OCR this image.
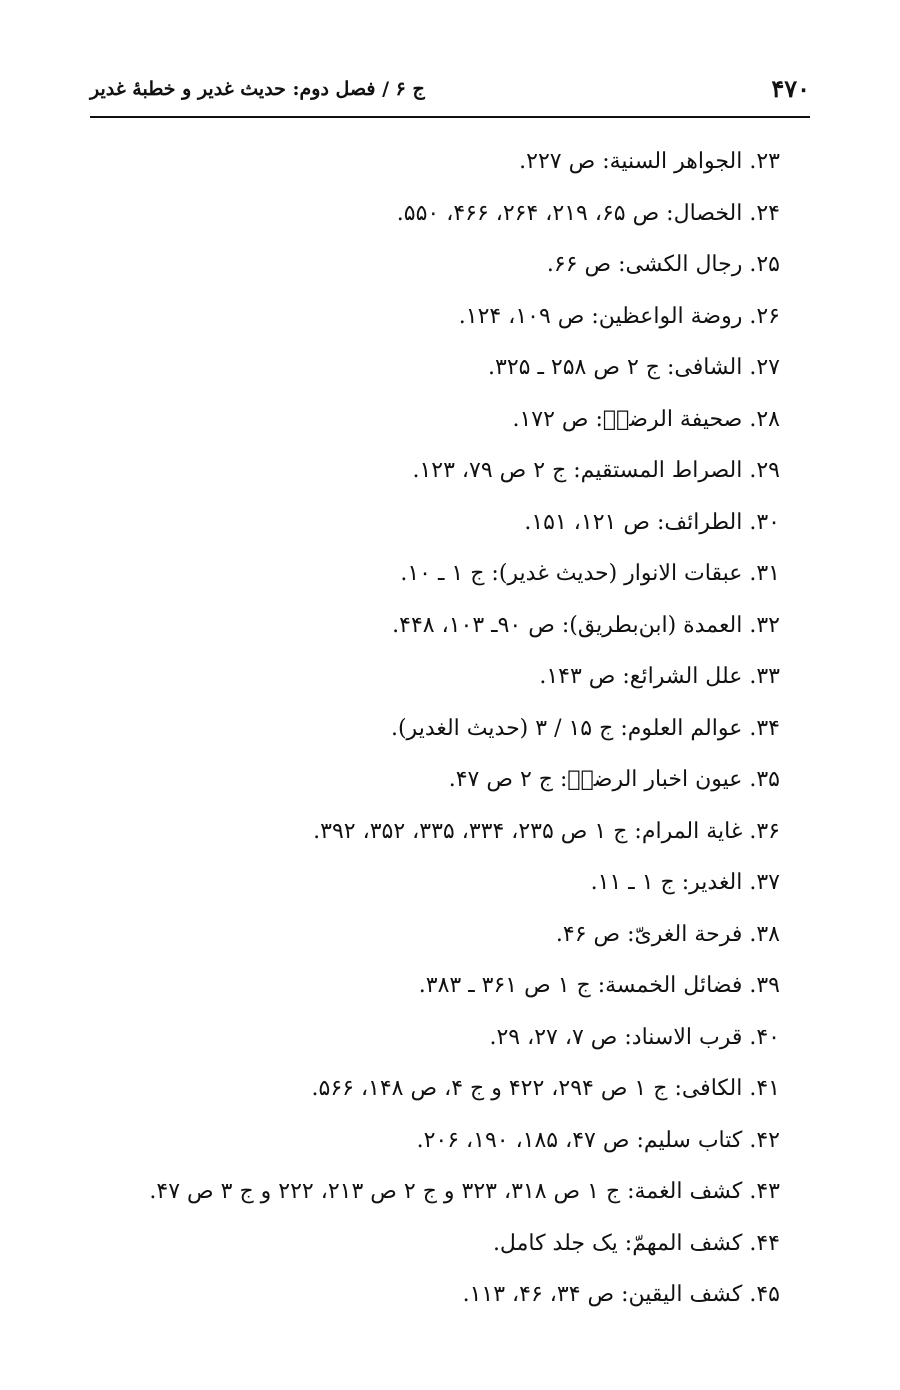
۴۷۰
ج ۶ / فصل دوم: حدیث غدیر و خطبهٔ غدیر
۲۳. الجواهر السنية: ص ۲۲۷.
۲۴. الخصال: ص ۶۵، ۲۱۹، ۲۶۴، ۴۶۶، ۵۵۰.
۲۵. رجال الكشی: ص ۶۶.
۲۶. روضة الواعظین: ص ۱۰۹، ۱۲۴.
۲۷. الشافی: ج ۲ ص ۲۵۸ ـ ۳۲۵.
۲۸. صحيفة الرضاؑ: ص ۱۷۲.
۲۹. الصراط المستقیم: ج ۲ ص ۷۹، ۱۲۳.
۳۰. الطرائف: ص ۱۲۱، ۱۵۱.
۳۱. عبقات الانوار (حدیث غدیر): ج ۱ ـ ۱۰.
۳۲. العمدة (ابن‌بطریق): ص ۹۰ـ ۱۰۳، ۴۴۸.
۳۳. علل الشرائع: ص ۱۴۳.
۳۴. عوالم العلوم: ج ۱۵ / ۳ (حدیث الغدیر).
۳۵. عیون اخبار الرضاؑ: ج ۲ ص ۴۷.
۳۶. غاية المرام: ج ۱ ص ۲۳۵، ۳۳۴، ۳۳۵، ۳۵۲، ۳۹۲.
۳۷. الغدیر: ج ۱ ـ ۱۱.
۳۸. فرحة الغریّ: ص ۴۶.
۳۹. فضائل الخمسة: ج ۱ ص ۳۶۱ ـ ۳۸۳.
۴۰. قرب الاسناد: ص ۷، ۲۷، ۲۹.
۴۱. الكافی: ج ۱ ص ۲۹۴، ۴۲۲ و ج ۴، ص ۱۴۸، ۵۶۶.
۴۲. کتاب سلیم: ص ۴۷، ۱۸۵، ۱۹۰، ۲۰۶.
۴۳. کشف الغمة: ج ۱ ص ۳۱۸، ۳۲۳ و ج ۲ ص ۲۱۳، ۲۲۲ و ج ۳ ص ۴۷.
۴۴. کشف المهمّ: یک جلد کامل.
۴۵. کشف الیقین: ص ۳۴، ۴۶، ۱۱۳.
